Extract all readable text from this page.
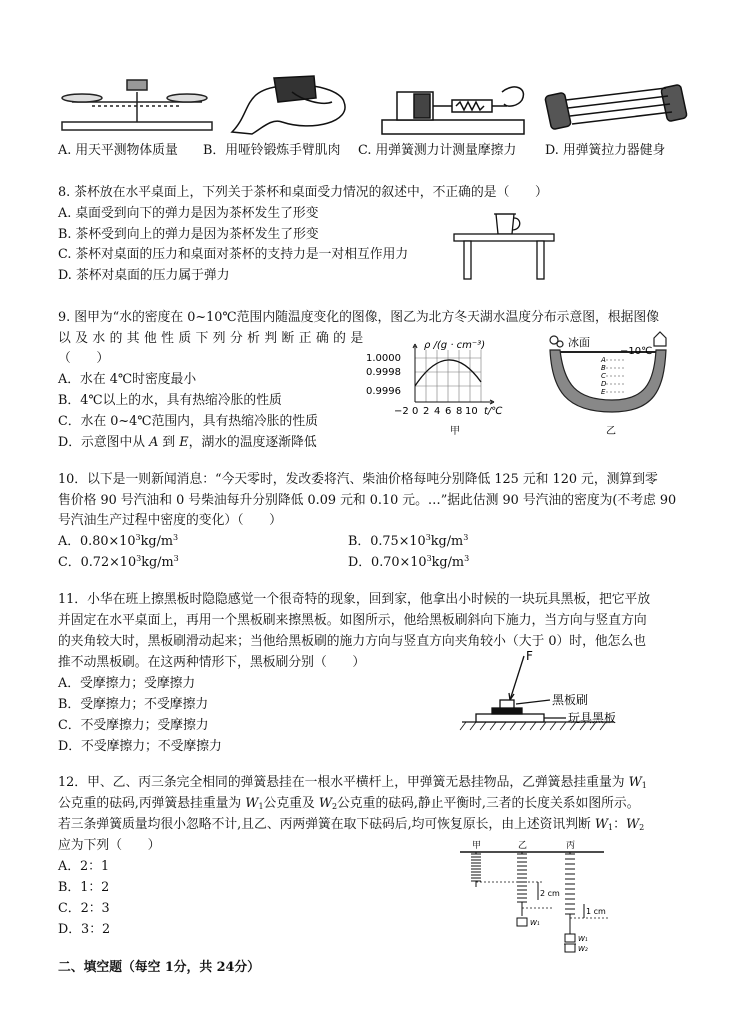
A. 用天平测物体质量 B．用哑铃锻炼手臂肌肉 C. 用弹簧测力计测量摩擦力 D. 用弹簧拉力器健身
8. 茶杯放在水平桌面上，下列关于茶杯和桌面受力情况的叙述中，不正确的是（　　）
A. 桌面受到向下的弹力是因为茶杯发生了形变
B. 茶杯受到向上的弹力是因为茶杯发生了形变
C. 茶杯对桌面的压力和桌面对茶杯的支持力是一对相互作用力
D. 茶杯对桌面的压力属于弹力
9. 图甲为“水的密度在 0~10℃范围内随温度变化的图像，图乙为北方冬天湖水温度分布示意图，根据图像
以及水的其他性质下列分析判断正确的是
（　　）
A．水在 4℃时密度最小
B．4℃以上的水，具有热缩冷胀的性质
C．水在 0~4℃范围内，具有热缩冷胀的性质
D．示意图中从 A 到 E，湖水的温度逐渐降低
ρ /(g · cm⁻³)
1.0000
0.9998
0.9996
−2 0 2 4 6 8 10 t/℃
甲
A
B
C
D
E
冰面
−10℃
乙
10．以下是一则新闻消息：“今天零时，发改委将汽、柴油价格每吨分别降低 125 元和 120 元，测算到零
售价格 90 号汽油和 0 号柴油每升分别降低 0.09 元和 0.10 元。…”据此估测 90 号汽油的密度为(不考虑 90
号汽油生产过程中密度的变化）（　　）
A．$0.80\times 10^3kg/m^3$	B．$0.75\times 10^3kg/m^3$
C．$0.72\times 10^3kg/m^3$	D．$0.70\times 10^3kg/m^3$
11．小华在班上擦黑板时隐隐感觉一个很奇特的现象，回到家，他拿出小时候的一块玩具黑板，把它平放
并固定在水平桌面上，再用一个黑板刷来擦黑板。如图所示，他给黑板刷斜向下施力，当方向与竖直方向
的夹角较大时，黑板刷滑动起来；当他给黑板刷的施力方向与竖直方向夹角较小（大于 0）时，他怎么也
推不动黑板刷。在这两种情形下，黑板刷分别（　　）
A．受摩擦力；受摩擦力
B．受摩擦力；不受摩擦力
C．不受摩擦力；受摩擦力
D．不受摩擦力；不受摩擦力
F
黑板刷
玩具黑板
12．甲、乙、丙三条完全相同的弹簧悬挂在一根水平横杆上，甲弹簧无悬挂物品，乙弹簧悬挂重量为 $W_1$
公克重的砝码,丙弹簧悬挂重量为 $W_1$公克重及 $W_2$公克重的砝码,静止平衡时,三者的长度关系如图所示。
若三条弹簧质量均很小忽略不计,且乙、丙两弹簧在取下砝码后,均可恢复原长，由上述资讯判断 $W_1$：$W_2$
应为下列（　　）
A．2：1
B．1：2
C．2：3
D．3：2
甲	乙	丙
2 cm
1 cm
W₁
W₁
W₂
二、填空题（每空 1分，共 24分）
